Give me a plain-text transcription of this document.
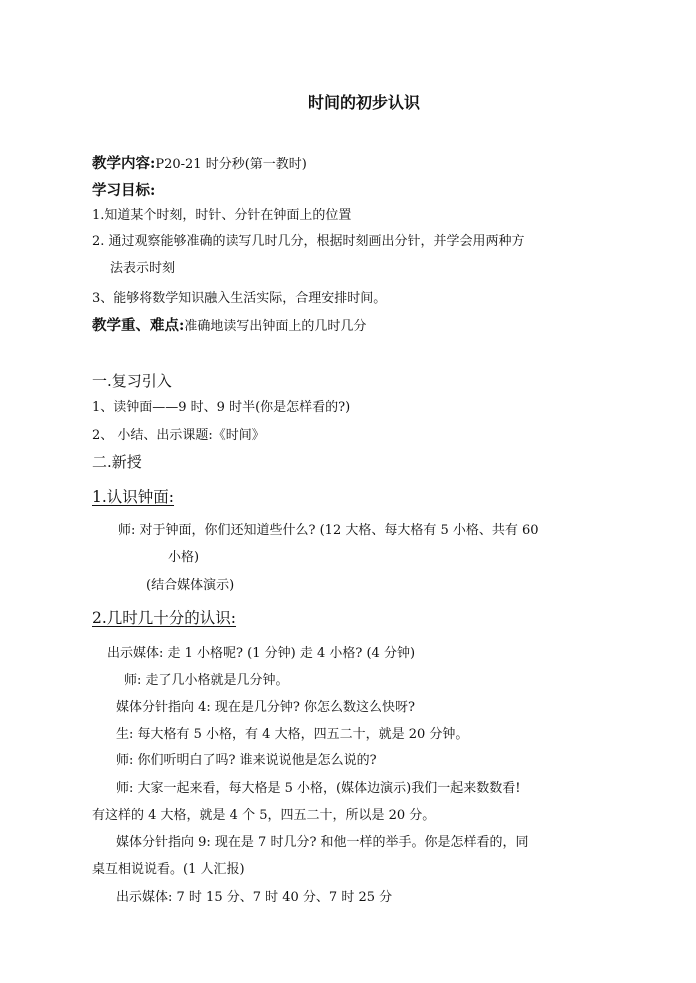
时间的初步认识
教学内容:P20-21 时分秒(第一教时)
学习目标:
1.知道某个时刻，时针、分针在钟面上的位置
2. 通过观察能够准确的读写几时几分，根据时刻画出分针，并学会用两种方
法表示时刻
3、能够将数学知识融入生活实际，合理安排时间。
教学重、难点:准确地读写出钟面上的几时几分
一.复习引入
1、读钟面——9 时、9 时半(你是怎样看的?)
2、 小结、出示课题:《时间》
二.新授
1.认识钟面:
师: 对于钟面，你们还知道些什么? (12 大格、每大格有 5 小格、共有 60
小格)
(结合媒体演示)
2.几时几十分的认识:
出示媒体: 走 1 小格呢? (1 分钟) 走 4 小格? (4 分钟)
师: 走了几小格就是几分钟。
媒体分针指向 4: 现在是几分钟? 你怎么数这么快呀?
生: 每大格有 5 小格，有 4 大格，四五二十，就是 20 分钟。
师: 你们听明白了吗? 谁来说说他是怎么说的?
师: 大家一起来看，每大格是 5 小格，(媒体边演示)我们一起来数数看!
有这样的 4 大格，就是 4 个 5，四五二十，所以是 20 分。
媒体分针指向 9: 现在是 7 时几分? 和他一样的举手。你是怎样看的，同
桌互相说说看。(1 人汇报)
出示媒体: 7 时 15 分、7 时 40 分、7 时 25 分
